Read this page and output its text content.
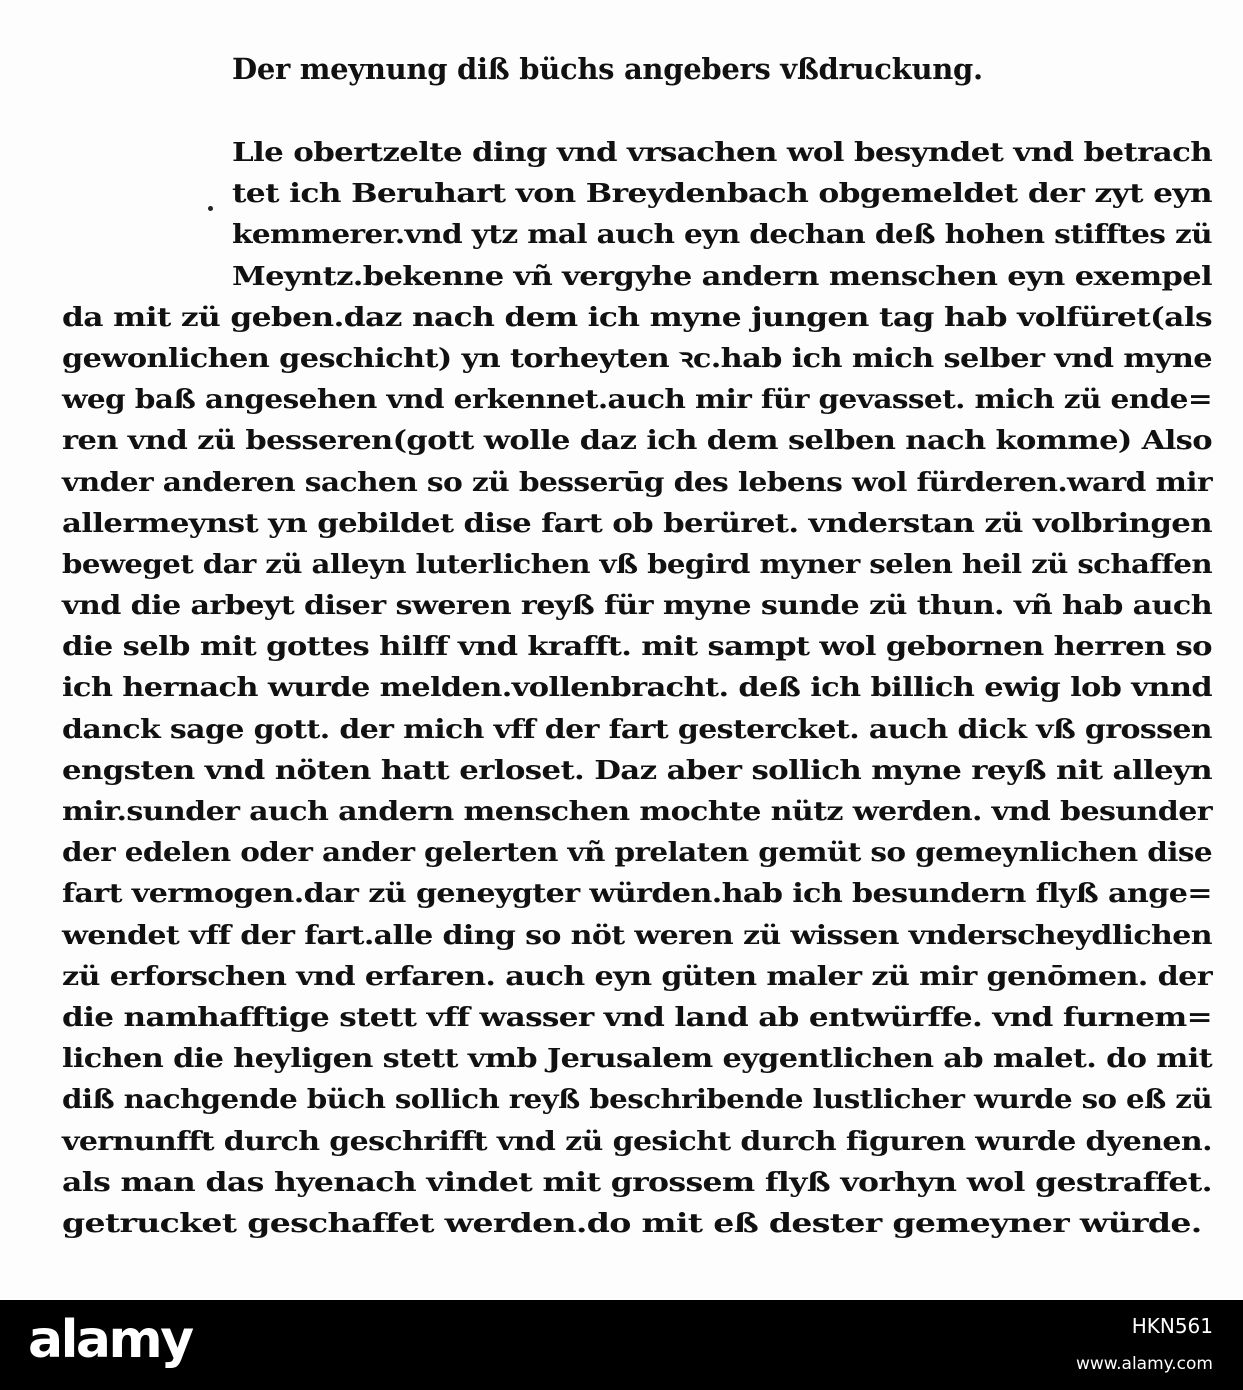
Der meynung diß büchs angebers vßdruckung.
Lle obertzelte ding vnd vrsachen wol besyndet vnd betrach
tet ich Beruhart von Breydenbach obgemeldet der zyt eyn
kemmerer.vnd ytz mal auch eyn dechan deß hohen stifftes zü
Meyntz.bekenne vñ vergyhe andern menschen eyn exempel
da mit zü geben.daz nach dem ich myne jungen tag hab volfüret(als
gewonlichen geschicht) yn torheyten ꝛc.hab ich mich selber vnd myne
weg baß angesehen vnd erkennet.auch mir für gevasset. mich zü ende=
ren vnd zü besseren(gott wolle daz ich dem selben nach komme) Also
vnder anderen sachen so zü besserūg des lebens wol fürderen.ward mir
allermeynst yn gebildet dise fart ob berüret. vnderstan zü volbringen
beweget dar zü alleyn luterlichen vß begird myner selen heil zü schaffen
vnd die arbeyt diser sweren reyß für myne sunde zü thun. vñ hab auch
die selb mit gottes hilff vnd krafft. mit sampt wol gebornen herren so
ich hernach wurde melden.vollenbracht. deß ich billich ewig lob vnnd
danck sage gott. der mich vff der fart gestercket. auch dick vß grossen
engsten vnd nöten hatt erloset. Daz aber sollich myne reyß nit alleyn
mir.sunder auch andern menschen mochte nütz werden. vnd besunder
der edelen oder ander gelerten vñ prelaten gemüt so gemeynlichen dise
fart vermogen.dar zü geneygter würden.hab ich besundern flyß ange=
wendet vff der fart.alle ding so nöt weren zü wissen vnderscheydlichen
zü erforschen vnd erfaren. auch eyn güten maler zü mir genōmen. der
die namhafftige stett vff wasser vnd land ab entwürffe. vnd furnem=
lichen die heyligen stett vmb Jerusalem eygentlichen ab malet. do mit
diß nachgende büch sollich reyß beschribende lustlicher wurde so eß zü
vernunfft durch geschrifft vnd zü gesicht durch figuren wurde dyenen.
als man das hyenach vindet mit grossem flyß vorhyn wol gestraffet.
getrucket geschaffet werden.do mit eß dester gemeyner würde.
alamy	HKN561
www.alamy.com
